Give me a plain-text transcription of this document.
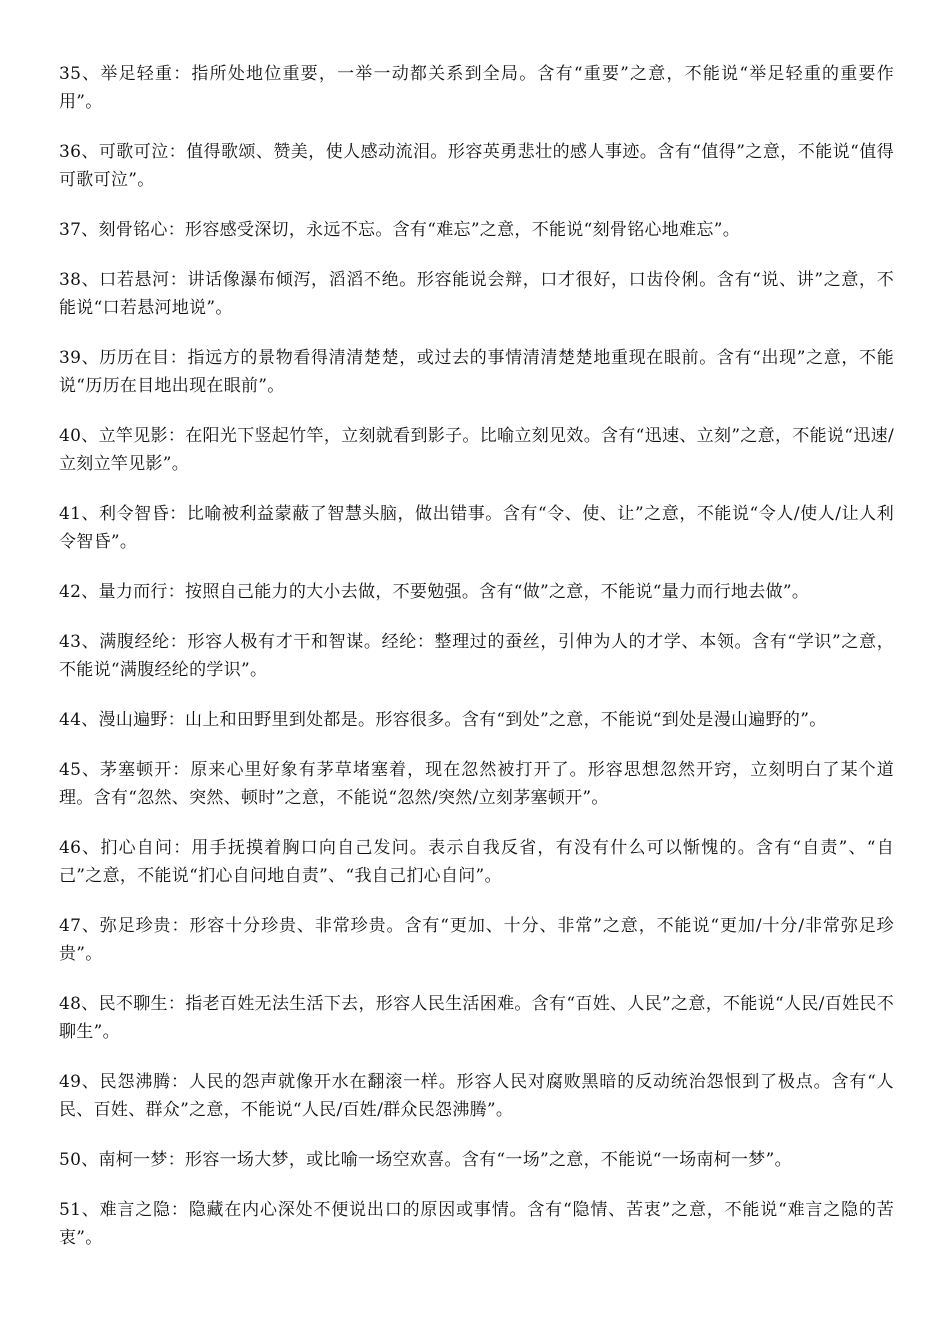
35、举足轻重：指所处地位重要，一举一动都关系到全局。含有“重要”之意，不能说“举足轻重的重要作用”。
36、可歌可泣：值得歌颂、赞美，使人感动流泪。形容英勇悲壮的感人事迹。含有“值得”之意，不能说“值得可歌可泣”。
37、刻骨铭心：形容感受深切，永远不忘。含有“难忘”之意，不能说“刻骨铭心地难忘”。
38、口若悬河：讲话像瀑布倾泻，滔滔不绝。形容能说会辩，口才很好，口齿伶俐。含有“说、讲”之意，不能说“口若悬河地说”。
39、历历在目：指远方的景物看得清清楚楚，或过去的事情清清楚楚地重现在眼前。含有“出现”之意，不能说“历历在目地出现在眼前”。
40、立竿见影：在阳光下竖起竹竿，立刻就看到影子。比喻立刻见效。含有“迅速、立刻”之意，不能说“迅速/立刻立竿见影”。
41、利令智昏：比喻被利益蒙蔽了智慧头脑，做出错事。含有“令、使、让”之意，不能说“令人/使人/让人利令智昏”。
42、量力而行：按照自己能力的大小去做，不要勉强。含有“做”之意，不能说“量力而行地去做”。
43、满腹经纶：形容人极有才干和智谋。经纶：整理过的蚕丝，引伸为人的才学、本领。含有“学识”之意，不能说“满腹经纶的学识”。
44、漫山遍野：山上和田野里到处都是。形容很多。含有“到处”之意，不能说“到处是漫山遍野的”。
45、茅塞顿开：原来心里好象有茅草堵塞着，现在忽然被打开了。形容思想忽然开窍，立刻明白了某个道理。含有“忽然、突然、顿时”之意，不能说“忽然/突然/立刻茅塞顿开”。
46、扪心自问：用手抚摸着胸口向自己发问。表示自我反省，有没有什么可以惭愧的。含有“自责”、“自己”之意，不能说“扪心自问地自责”、“我自己扪心自问”。
47、弥足珍贵：形容十分珍贵、非常珍贵。含有“更加、十分、非常”之意，不能说“更加/十分/非常弥足珍贵”。
48、民不聊生：指老百姓无法生活下去，形容人民生活困难。含有“百姓、人民”之意，不能说“人民/百姓民不聊生”。
49、民怨沸腾：人民的怨声就像开水在翻滚一样。形容人民对腐败黑暗的反动统治怨恨到了极点。含有“人民、百姓、群众”之意，不能说“人民/百姓/群众民怨沸腾”。
50、南柯一梦：形容一场大梦，或比喻一场空欢喜。含有“一场”之意，不能说“一场南柯一梦”。
51、难言之隐：隐藏在内心深处不便说出口的原因或事情。含有“隐情、苦衷”之意，不能说“难言之隐的苦衷”。
